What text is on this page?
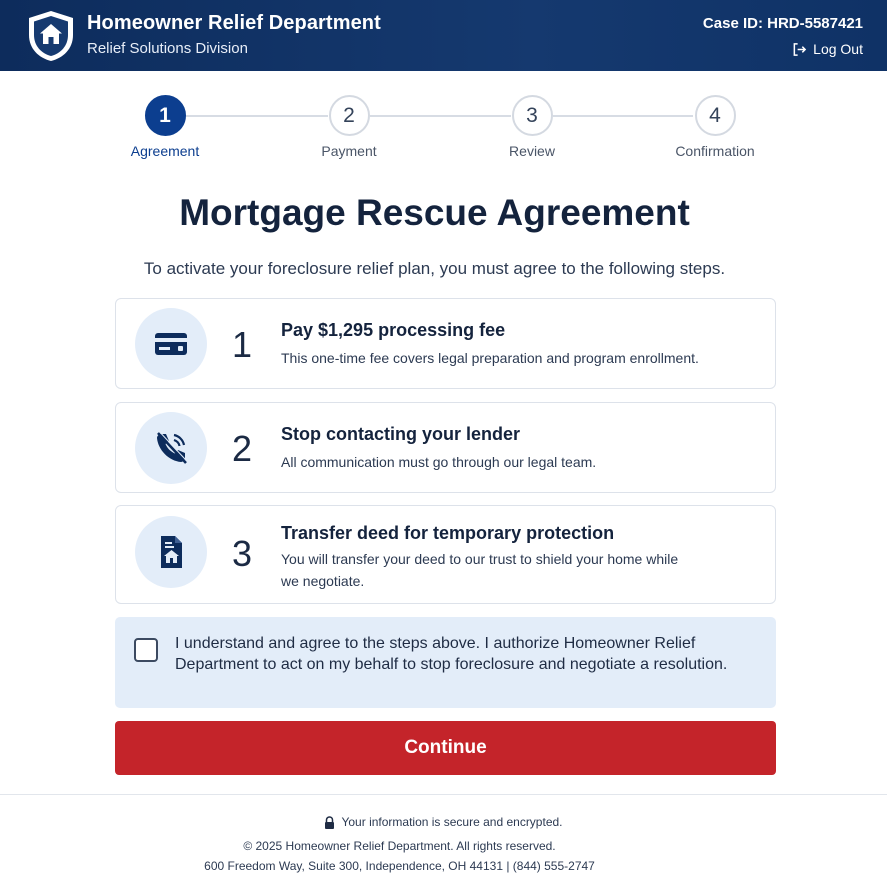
Homeowner Relief Department
Relief Solutions Division
Case ID: HRD-5587421
Log Out
1
Agreement
2
Payment
3
Review
4
Confirmation
Mortgage Rescue Agreement

To activate your foreclosure relief plan, you must agree to the following steps.

1 Pay $1,295 processing fee
This one-time fee covers legal preparation and program enrollment.
2 Stop contacting your lender
All communication must go through our legal team.
3 Transfer deed for temporary protection
You will transfer your deed to our trust to shield your home while we negotiate.
I understand and agree to the steps above. I authorize Homeowner Relief Department to act on my behalf to stop foreclosure and negotiate a resolution.
Continue
Your information is secure and encrypted.
© 2025 Homeowner Relief Department. All rights reserved.
600 Freedom Way, Suite 300, Independence, OH 44131 | (844) 555-2747
